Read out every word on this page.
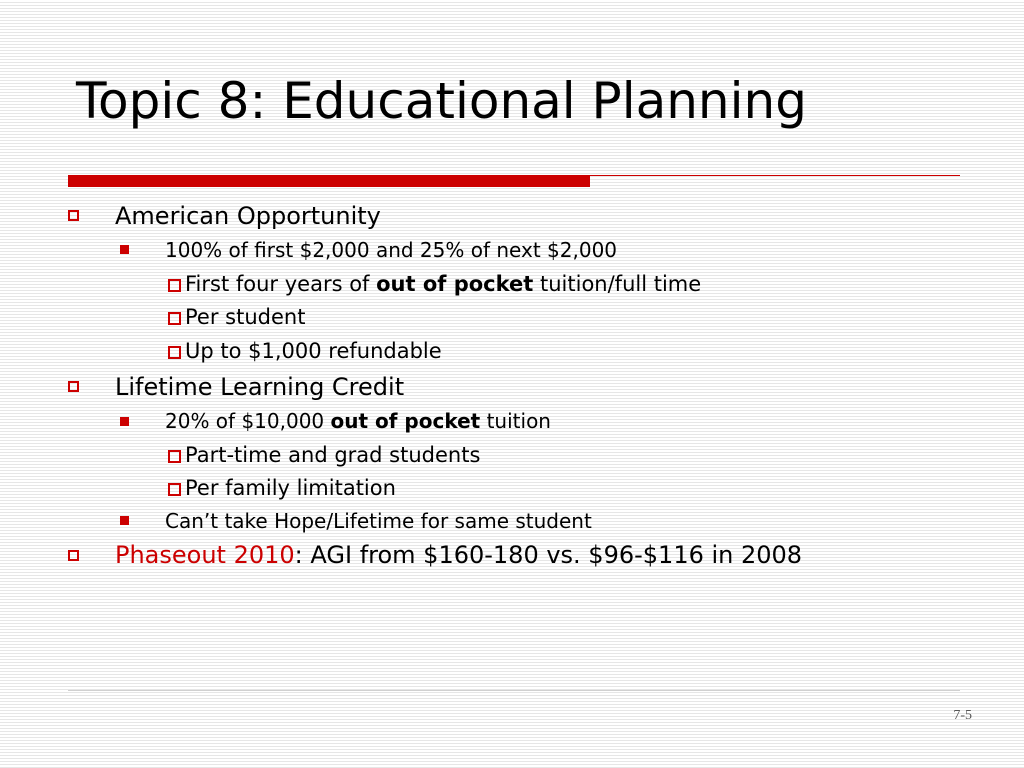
Topic 8: Educational Planning
American Opportunity
100% of first $2,000 and 25% of next $2,000
First four years of out of pocket tuition/full time
Per student
Up to $1,000 refundable
Lifetime Learning Credit
20% of $10,000 out of pocket tuition
Part-time and grad students
Per family limitation
Can’t take Hope/Lifetime for same student
Phaseout 2010: AGI from $160-180 vs. $96-$116 in 2008
7-5
